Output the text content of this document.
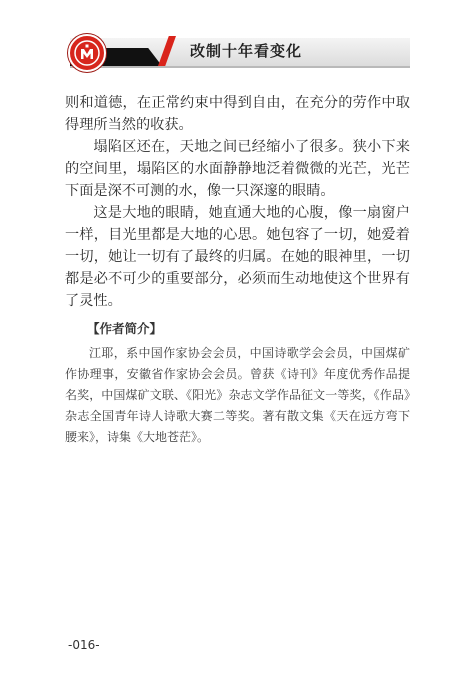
改制十年看变化

则和道德，在正常约束中得到自由，在充分的劳作中取得理所当然的收获。

塌陷区还在，天地之间已经缩小了很多。狭小下来的空间里，塌陷区的水面静静地泛着微微的光芒，光芒下面是深不可测的水，像一只深邃的眼睛。

这是大地的眼睛，她直通大地的心腹，像一扇窗户一样，目光里都是大地的心思。她包容了一切，她爱着一切，她让一切有了最终的归属。在她的眼神里，一切都是必不可少的重要部分，必须而生动地使这个世界有了灵性。

【作者简介】

江耶，系中国作家协会会员，中国诗歌学会会员，中国煤矿作协理事，安徽省作家协会会员。曾获《诗刊》年度优秀作品提名奖，中国煤矿文联、《阳光》杂志文学作品征文一等奖，《作品》杂志全国青年诗人诗歌大赛二等奖。著有散文集《天在远方弯下腰来》，诗集《大地苍茫》。

-016-
